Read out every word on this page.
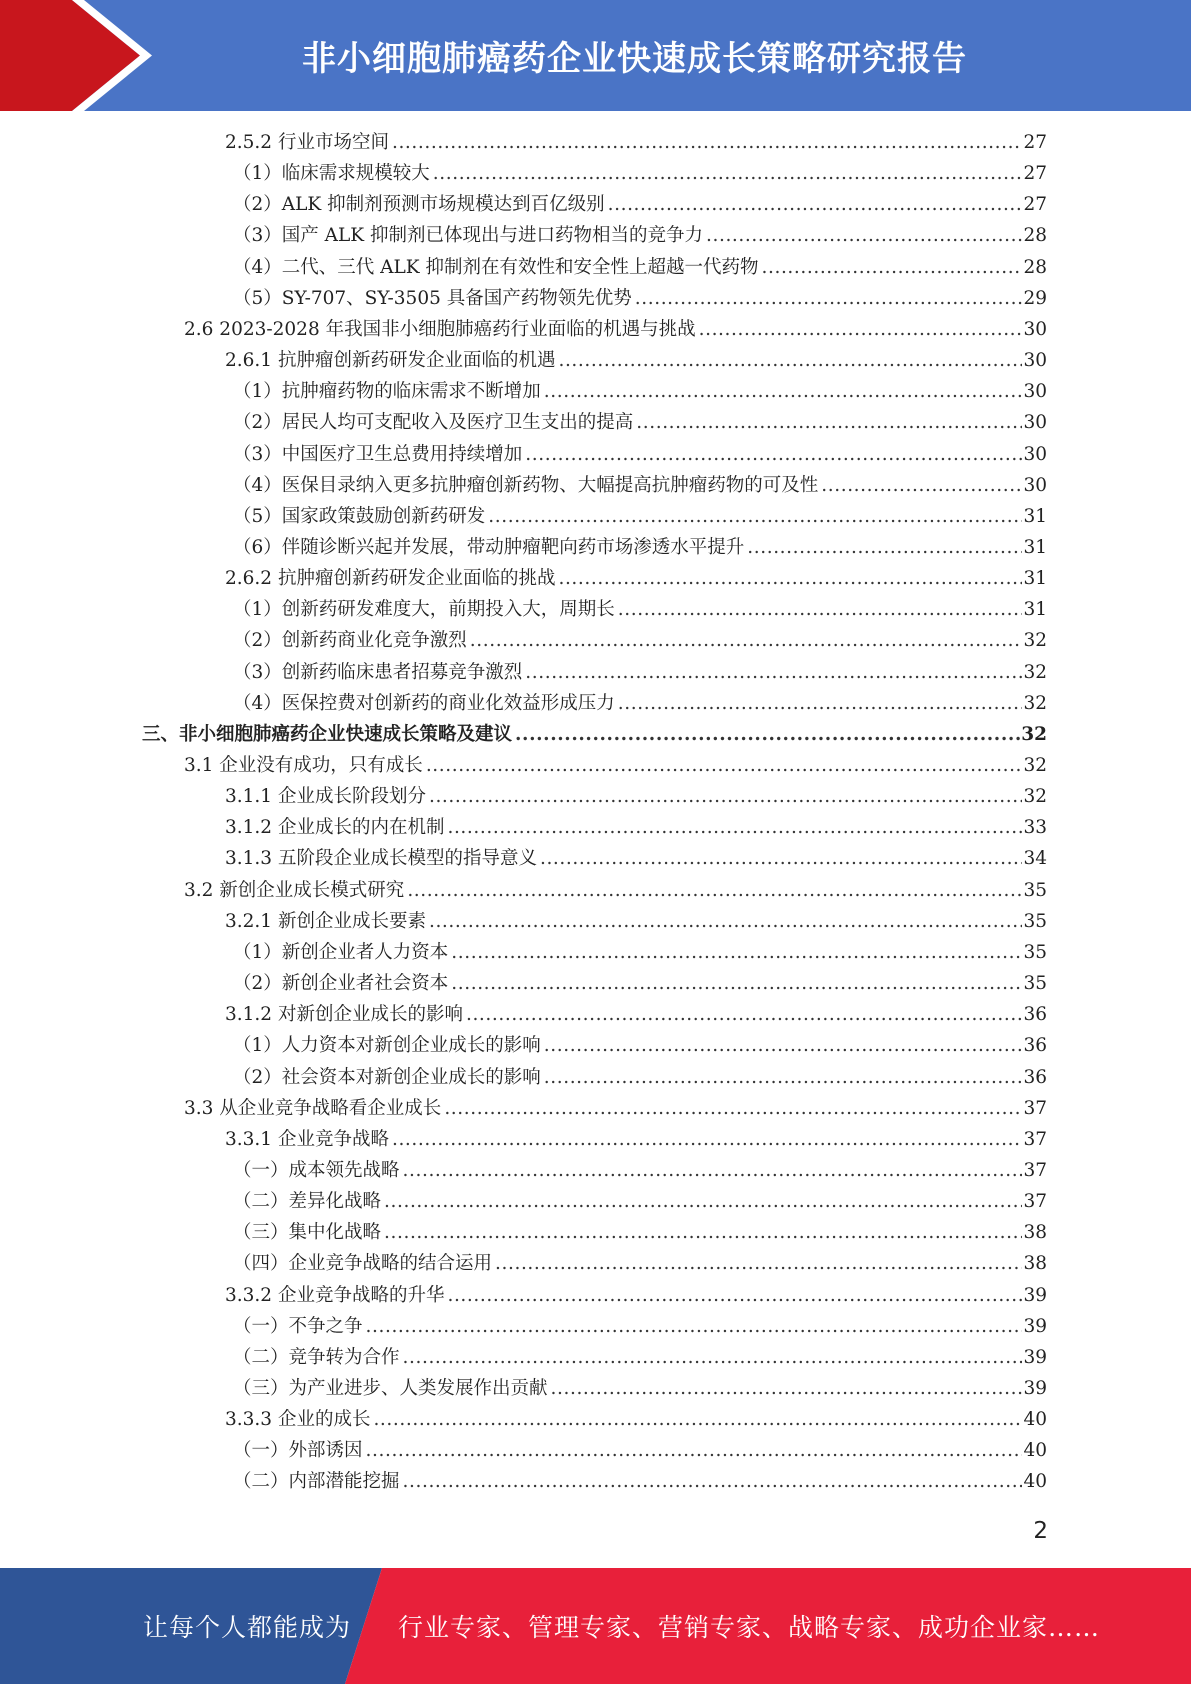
非小细胞肺癌药企业快速成长策略研究报告
2.5.2 行业市场空间 .....	27
（1）临床需求规模较大 .....	27
（2）ALK 抑制剂预测市场规模达到百亿级别 .....	27
（3）国产 ALK 抑制剂已体现出与进口药物相当的竞争力 .....	28
（4）二代、三代 ALK 抑制剂在有效性和安全性上超越一代药物 .....	28
（5）SY-707、SY-3505 具备国产药物领先优势 .....	29
2.6 2023-2028 年我国非小细胞肺癌药行业面临的机遇与挑战 .....	30
2.6.1 抗肿瘤创新药研发企业面临的机遇 .....	30
（1）抗肿瘤药物的临床需求不断增加 .....	30
（2）居民人均可支配收入及医疗卫生支出的提高 .....	30
（3）中国医疗卫生总费用持续增加 .....	30
（4）医保目录纳入更多抗肿瘤创新药物、大幅提高抗肿瘤药物的可及性 .....	30
（5）国家政策鼓励创新药研发 .....	31
（6）伴随诊断兴起并发展，带动肿瘤靶向药市场渗透水平提升 .....	31
2.6.2 抗肿瘤创新药研发企业面临的挑战 .....	31
（1）创新药研发难度大，前期投入大，周期长 .....	31
（2）创新药商业化竞争激烈 .....	32
（3）创新药临床患者招募竞争激烈 .....	32
（4）医保控费对创新药的商业化效益形成压力 .....	32
三、非小细胞肺癌药企业快速成长策略及建议 .....	32
3.1 企业没有成功，只有成长 .....	32
3.1.1 企业成长阶段划分 .....	32
3.1.2 企业成长的内在机制 .....	33
3.1.3 五阶段企业成长模型的指导意义 .....	34
3.2 新创企业成长模式研究 .....	35
3.2.1 新创企业成长要素 .....	35
（1）新创企业者人力资本 .....	35
（2）新创企业者社会资本 .....	35
3.1.2 对新创企业成长的影响 .....	36
（1）人力资本对新创企业成长的影响 .....	36
（2）社会资本对新创企业成长的影响 .....	36
3.3 从企业竞争战略看企业成长 .....	37
3.3.1 企业竞争战略 .....	37
（一）成本领先战略 .....	37
（二）差异化战略 .....	37
（三）集中化战略 .....	38
（四）企业竞争战略的结合运用 .....	38
3.3.2 企业竞争战略的升华 .....	39
（一）不争之争 .....	39
（二）竞争转为合作 .....	39
（三）为产业进步、人类发展作出贡献 .....	39
3.3.3 企业的成长 .....	40
（一）外部诱因 .....	40
（二）内部潜能挖掘 .....	40
2
让每个人都能成为 行业专家、管理专家、营销专家、战略专家、成功企业家……
